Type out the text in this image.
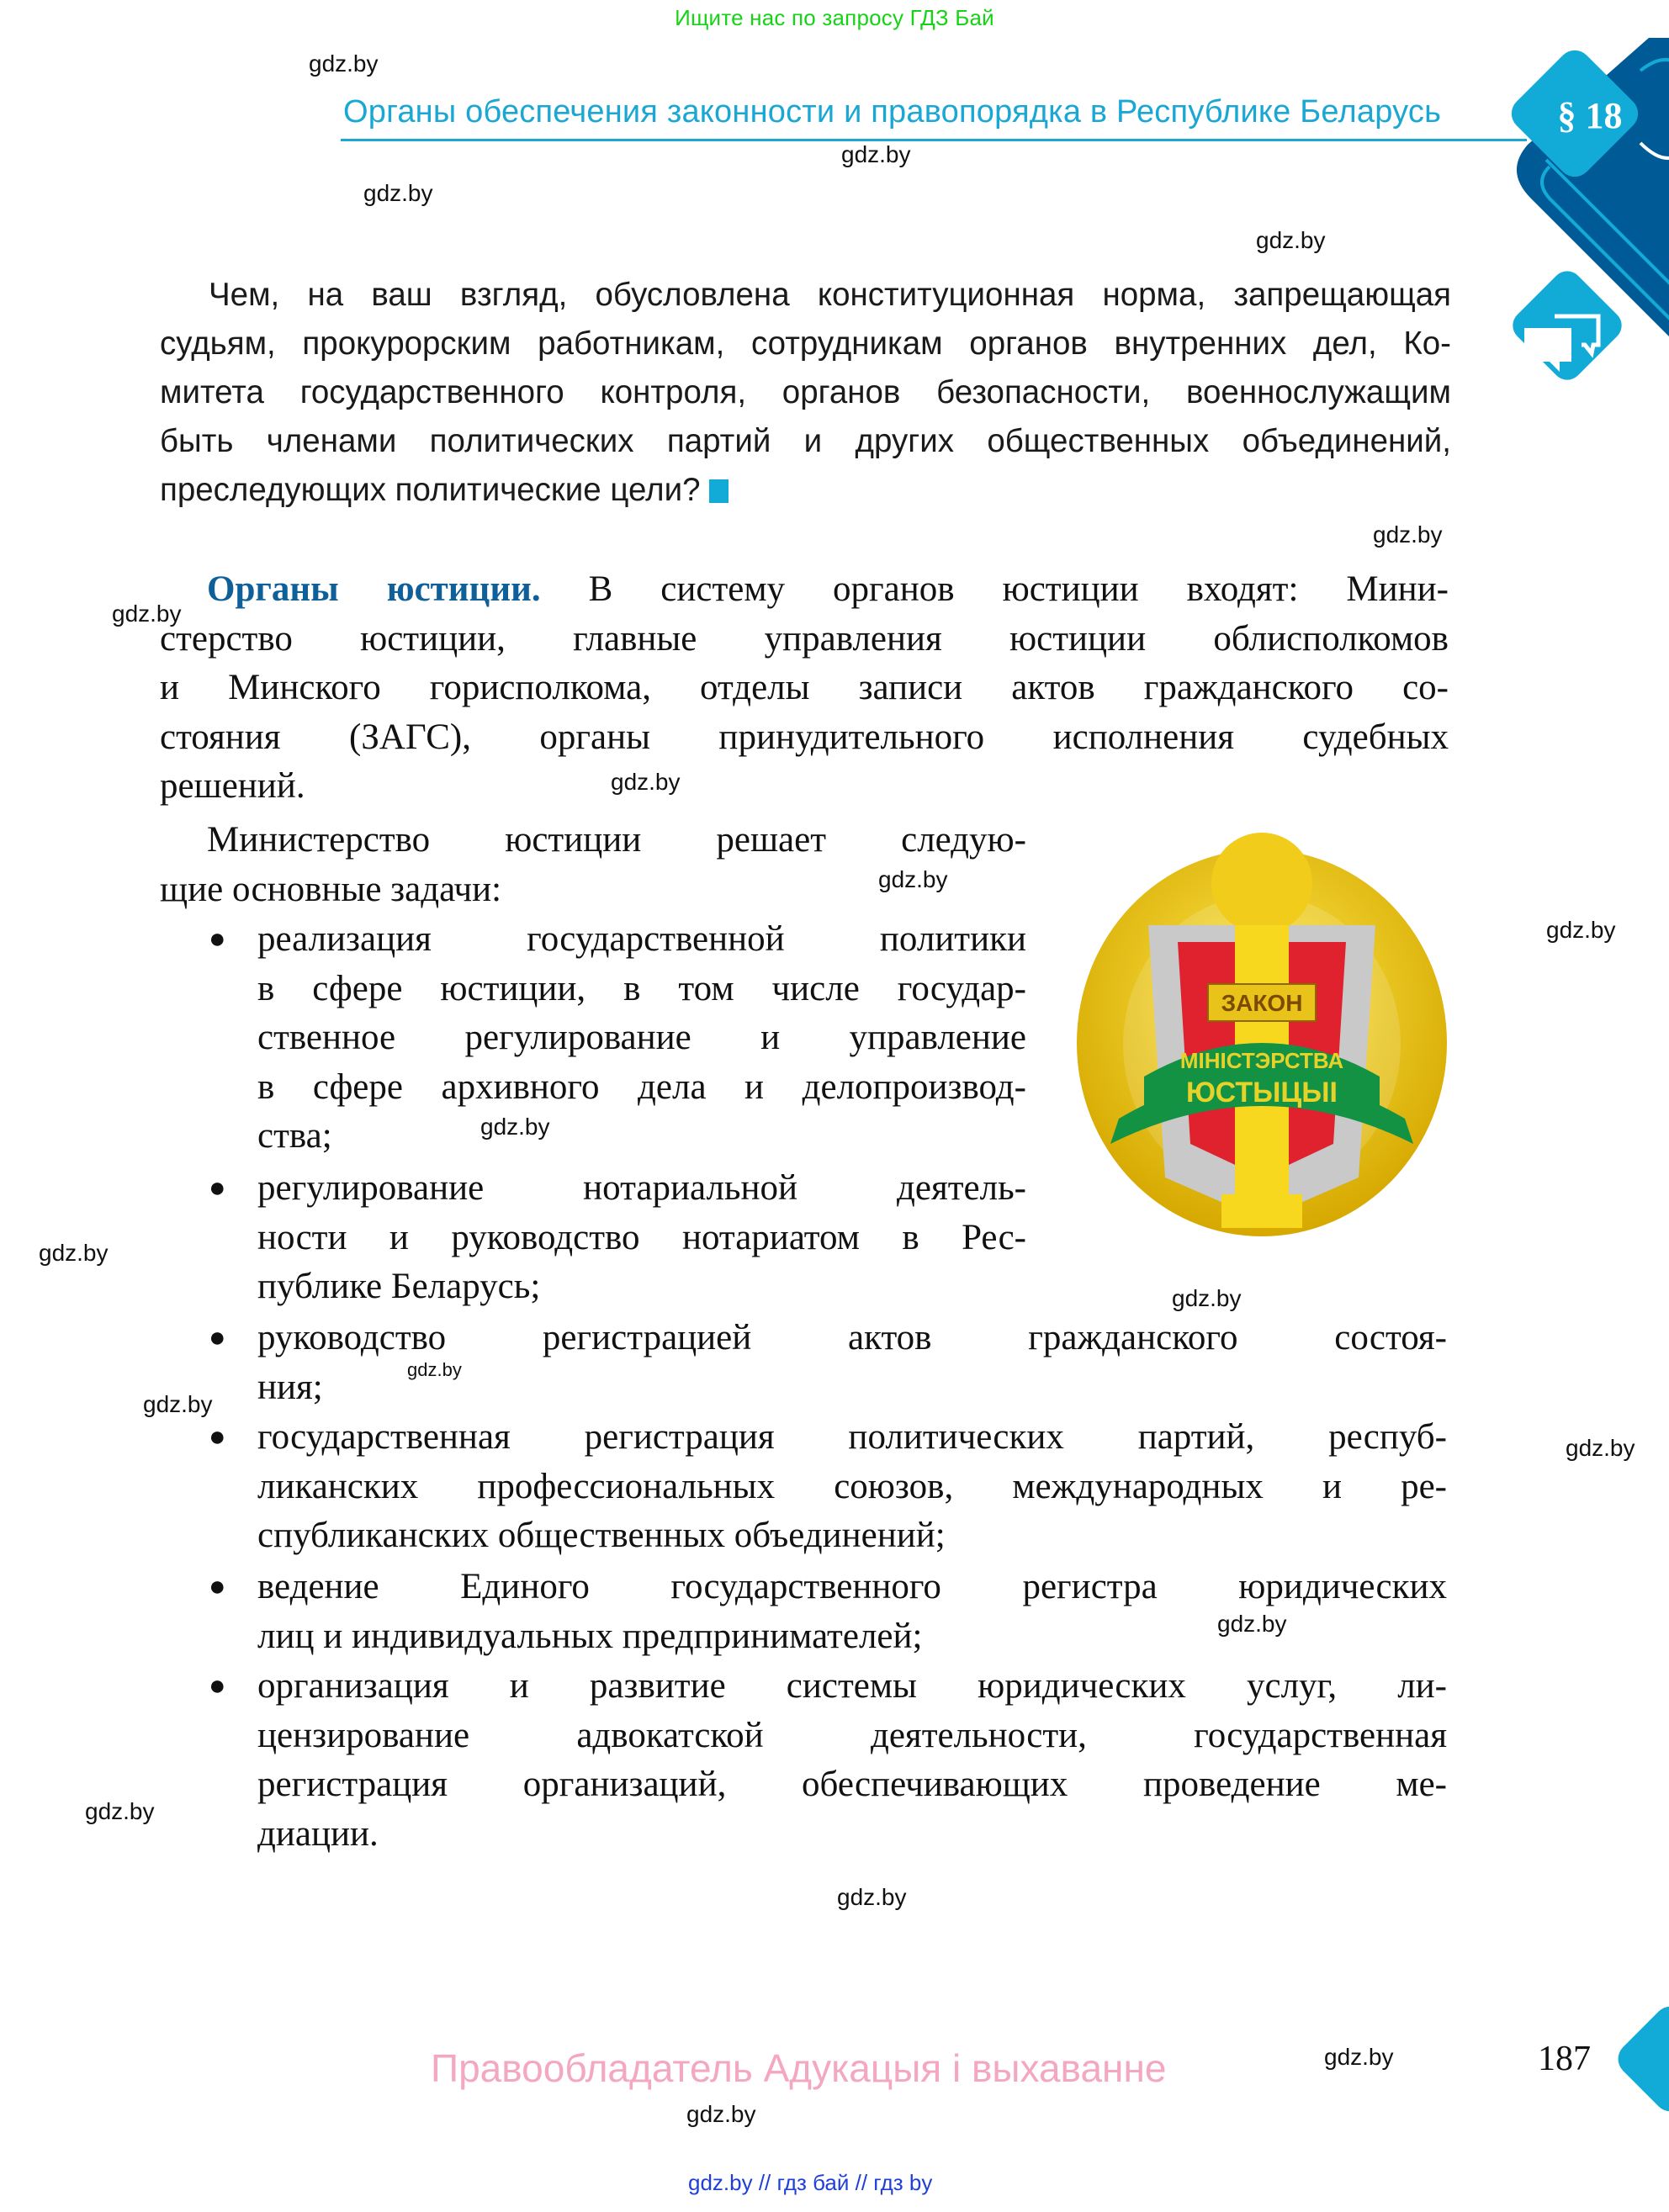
§ 18
Ищите нас по запросу ГДЗ Бай
Органы обеспечения законности и правопорядка в Республике Беларусь
Чем, на ваш взгляд, обусловлена конституционная норма, запрещающая
судьям, прокурорским работникам, сотрудникам органов внутренних дел, Ко-
митета государственного контроля, органов безопасности, военнослужащим
быть членами политических партий и других общественных объединений,
преследующих политические цели?
Органы юстиции. В систему органов юстиции входят: Мини-
стерство юстиции, главные управления юстиции облисполкомов
и Минского горисполкома, отделы записи актов гражданского со-
стояния (ЗАГС), органы принудительного исполнения судебных
решений.
Министерство юстиции решает следую-
щие основные задачи:
● реализация государственной политики
в сфере юстиции, в том числе государ-
ственное регулирование и управление
в сфере архивного дела и делопроизвод-
ства;
● регулирование нотариальной деятель-
ности и руководство нотариатом в Рес-
публике Беларусь;
● руководство регистрацией актов гражданского состоя-
ния;
● государственная регистрация политических партий, респуб-
ликанских профессиональных союзов, международных и ре-
спубликанских общественных объединений;
● ведение Единого государственного регистра юридических
лиц и индивидуальных предпринимателей;
● организация и развитие системы юридических услуг, ли-
цензирование адвокатской деятельности, государственная
регистрация организаций, обеспечивающих проведение ме-
диации.
ЗАКОН
МІНІСТЭРСТВА
ЮСТЫЦЫІ
gdz.by
gdz.by
gdz.by
gdz.by
gdz.by
gdz.by
gdz.by
gdz.by
gdz.by
gdz.by
gdz.by
gdz.by
gdz.by
gdz.by
gdz.by
gdz.by
gdz.by
gdz.by
gdz.by
gdz.by
Правообладатель Адукацыя і выхаванне	187
gdz.by // гдз бай // гдз by
